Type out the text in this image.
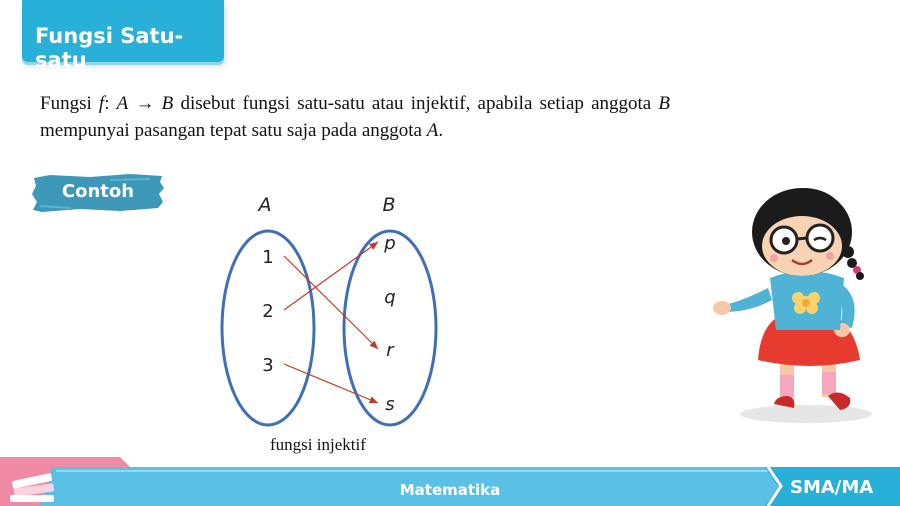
Fungsi Satu-satu
Fungsi f: A → B disebut fungsi satu-satu atau injektif, apabila setiap anggota B mempunyai pasangan tepat satu saja pada anggota A.
Contoh
A	B
1
2
3
p
q
r
s
fungsi injektif
Matematika	SMA/MA
